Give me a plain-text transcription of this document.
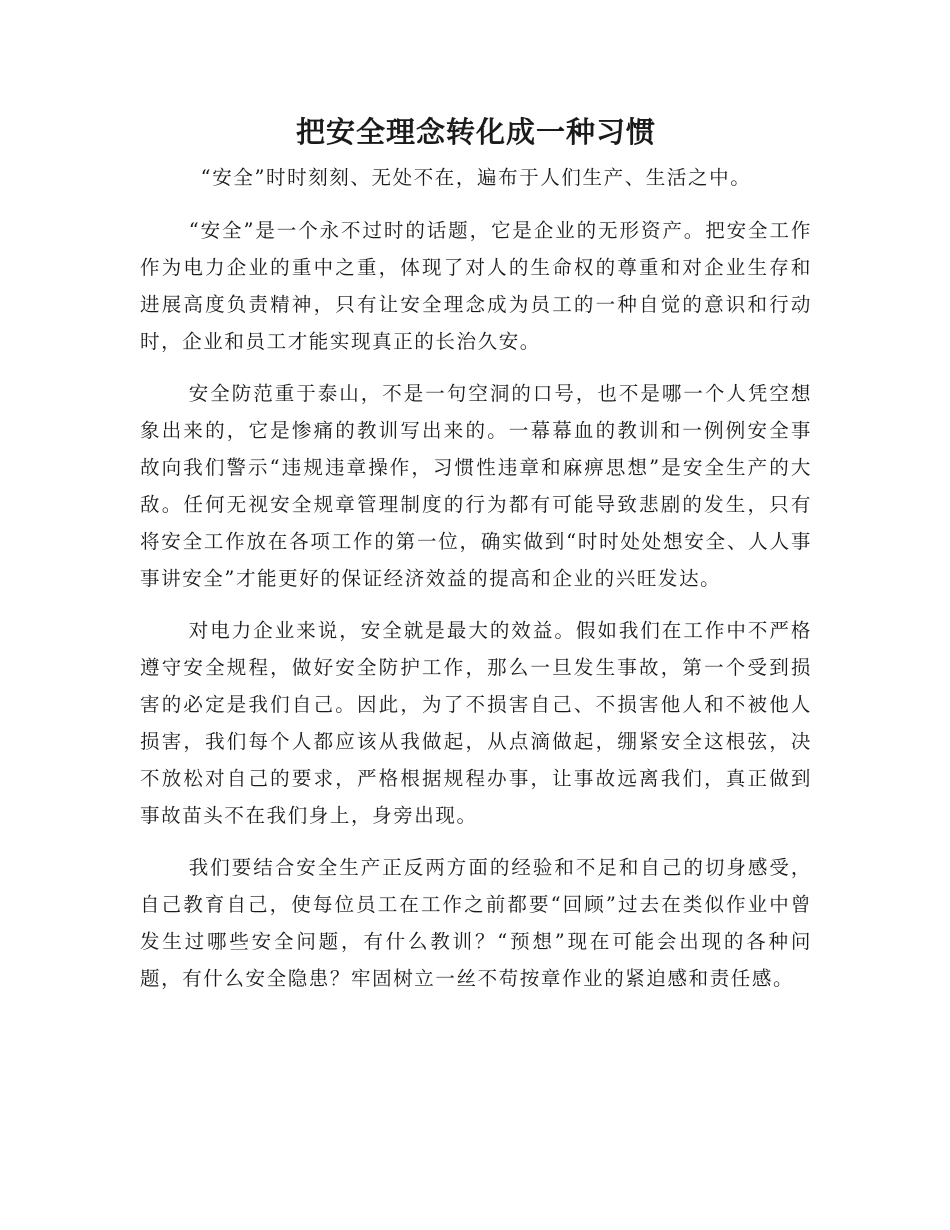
把安全理念转化成一种习惯

“安全”时时刻刻、无处不在，遍布于人们生产、生活之中。

“安全”是一个永不过时的话题，它是企业的无形资产。把安全工作作为电力企业的重中之重，体现了对人的生命权的尊重和对企业生存和进展高度负责精神，只有让安全理念成为员工的一种自觉的意识和行动时，企业和员工才能实现真正的长治久安。

安全防范重于泰山，不是一句空洞的口号，也不是哪一个人凭空想象出来的，它是惨痛的教训写出来的。一幕幕血的教训和一例例安全事故向我们警示“违规违章操作，习惯性违章和麻痹思想”是安全生产的大敌。任何无视安全规章管理制度的行为都有可能导致悲剧的发生，只有将安全工作放在各项工作的第一位，确实做到“时时处处想安全、人人事事讲安全”才能更好的保证经济效益的提高和企业的兴旺发达。

对电力企业来说，安全就是最大的效益。假如我们在工作中不严格遵守安全规程，做好安全防护工作，那么一旦发生事故，第一个受到损害的必定是我们自己。因此，为了不损害自己、不损害他人和不被他人损害，我们每个人都应该从我做起，从点滴做起，绷紧安全这根弦，决不放松对自己的要求，严格根据规程办事，让事故远离我们，真正做到事故苗头不在我们身上，身旁出现。

我们要结合安全生产正反两方面的经验和不足和自己的切身感受，自己教育自己，使每位员工在工作之前都要“回顾”过去在类似作业中曾发生过哪些安全问题，有什么教训？“预想”现在可能会出现的各种问题，有什么安全隐患？牢固树立一丝不苟按章作业的紧迫感和责任感。
